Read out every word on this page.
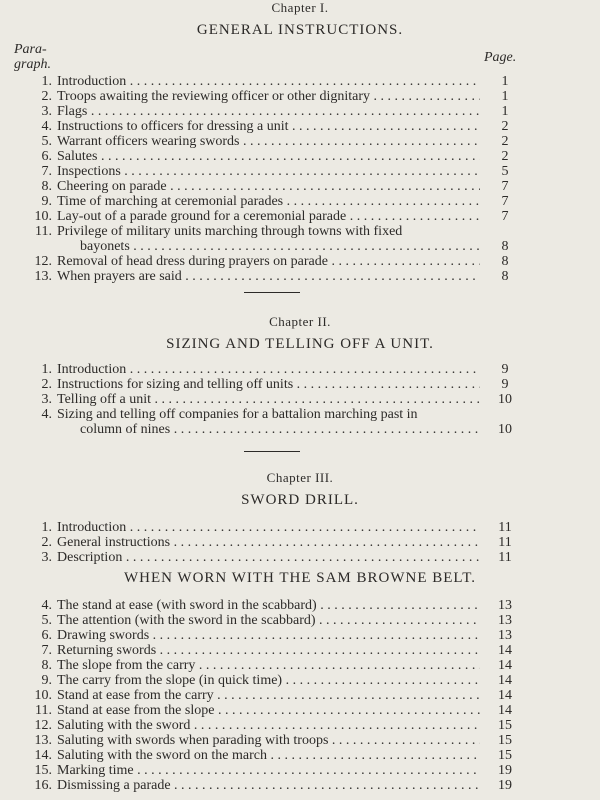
Chapter I.
GENERAL INSTRUCTIONS.
Para-
graph.	Page.
1. Introduction . . .	1
2. Troops awaiting the reviewing officer or other dignitary . . .	1
3. Flags . . .	1
4. Instructions to officers for dressing a unit . . .	2
5. Warrant officers wearing swords . . .	2
6. Salutes . . .	2
7. Inspections . . .	5
8. Cheering on parade . . .	7
9. Time of marching at ceremonial parades . . .	7
10. Lay-out of a parade ground for a ceremonial parade . . .	7
11. Privilege of military units marching through towns with fixed
bayonets . . .	8
12. Removal of head dress during prayers on parade . . .	8
13. When prayers are said . . .	8
Chapter II.
SIZING AND TELLING OFF A UNIT.
1. Introduction . . .	9
2. Instructions for sizing and telling off units . . .	9
3. Telling off a unit . . .	10
4. Sizing and telling off companies for a battalion marching past in
column of nines . . .	10
Chapter III.
SWORD DRILL.
1. Introduction . . .	11
2. General instructions . . .	11
3. Description . . .	11
WHEN WORN WITH THE SAM BROWNE BELT.
4. The stand at ease (with sword in the scabbard) . . .	13
5. The attention (with the sword in the scabbard) . . .	13
6. Drawing swords . . .	13
7. Returning swords . . .	14
8. The slope from the carry . . .	14
9. The carry from the slope (in quick time) . . .	14
10. Stand at ease from the carry . . .	14
11. Stand at ease from the slope . . .	14
12. Saluting with the sword . . .	15
13. Saluting with swords when parading with troops . . .	15
14. Saluting with the sword on the march . . .	15
15. Marking time . . .	19
16. Dismissing a parade . . .	19
